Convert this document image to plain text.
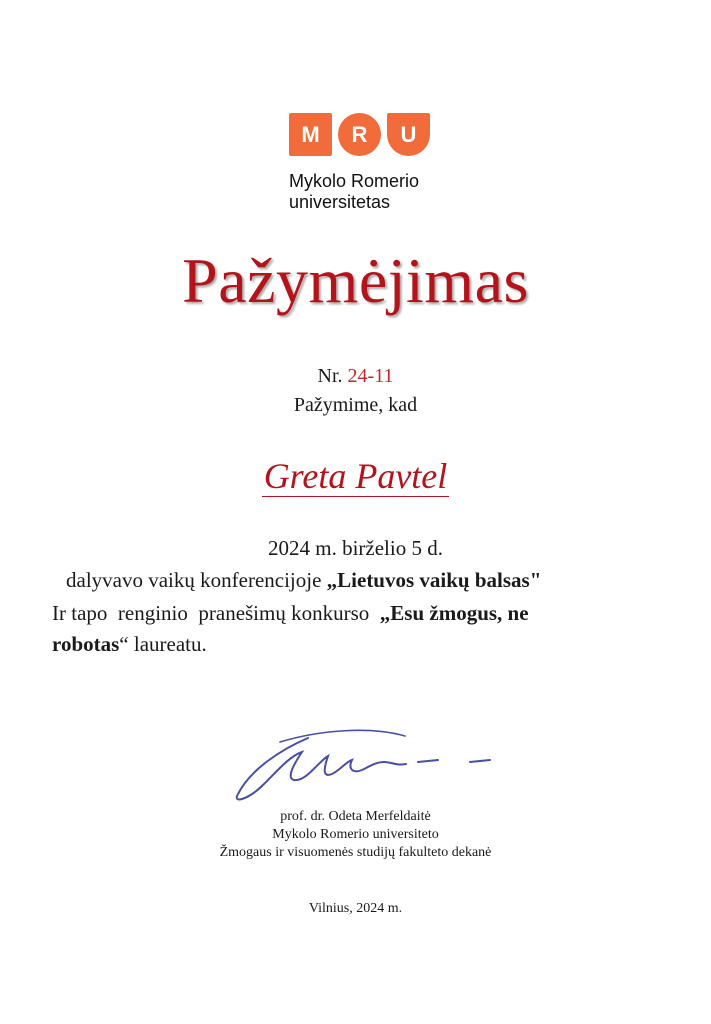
M	R	U
Mykolo Romerio
universitetas
Pažymėjimas
Nr. 24-11
Pažymime, kad
Greta Pavtel
2024 m. birželio 5 d.
dalyvavo vaikų konferencijoje „Lietuvos vaikų balsas"
Ir tapo  renginio  pranešimų konkurso  „Esu žmogus, ne
robotas“ laureatu.
prof. dr. Odeta Merfeldaitė
Mykolo Romerio universiteto
Žmogaus ir visuomenės studijų fakulteto dekanė
Vilnius, 2024 m.
